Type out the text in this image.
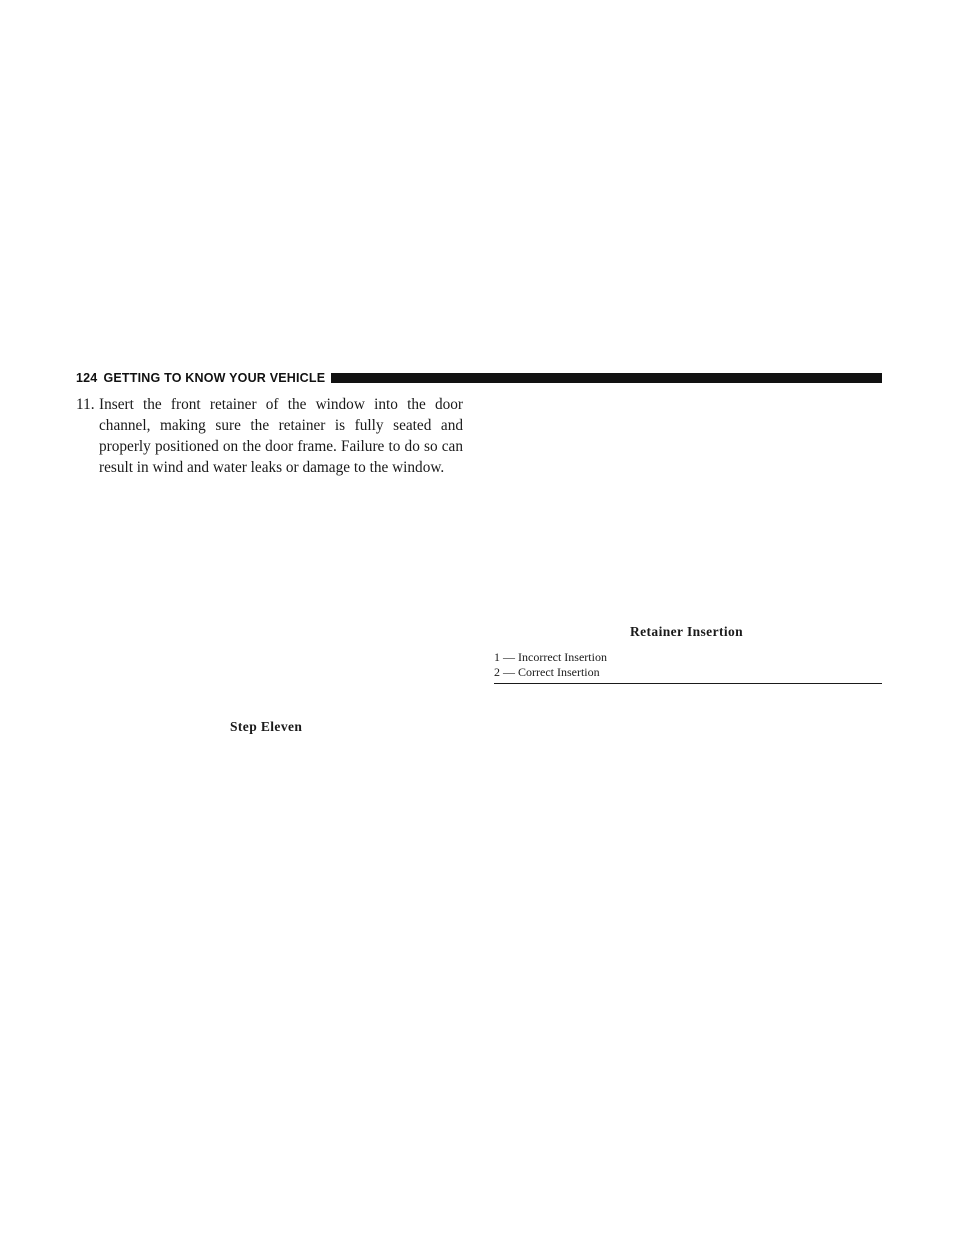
124 GETTING TO KNOW YOUR VEHICLE
11. Insert the front retainer of the window into the door channel, making sure the retainer is fully seated and properly positioned on the door frame. Failure to do so can result in wind and water leaks or damage to the window.
Step Eleven
Retainer Insertion
1 — Incorrect Insertion
2 — Correct Insertion
